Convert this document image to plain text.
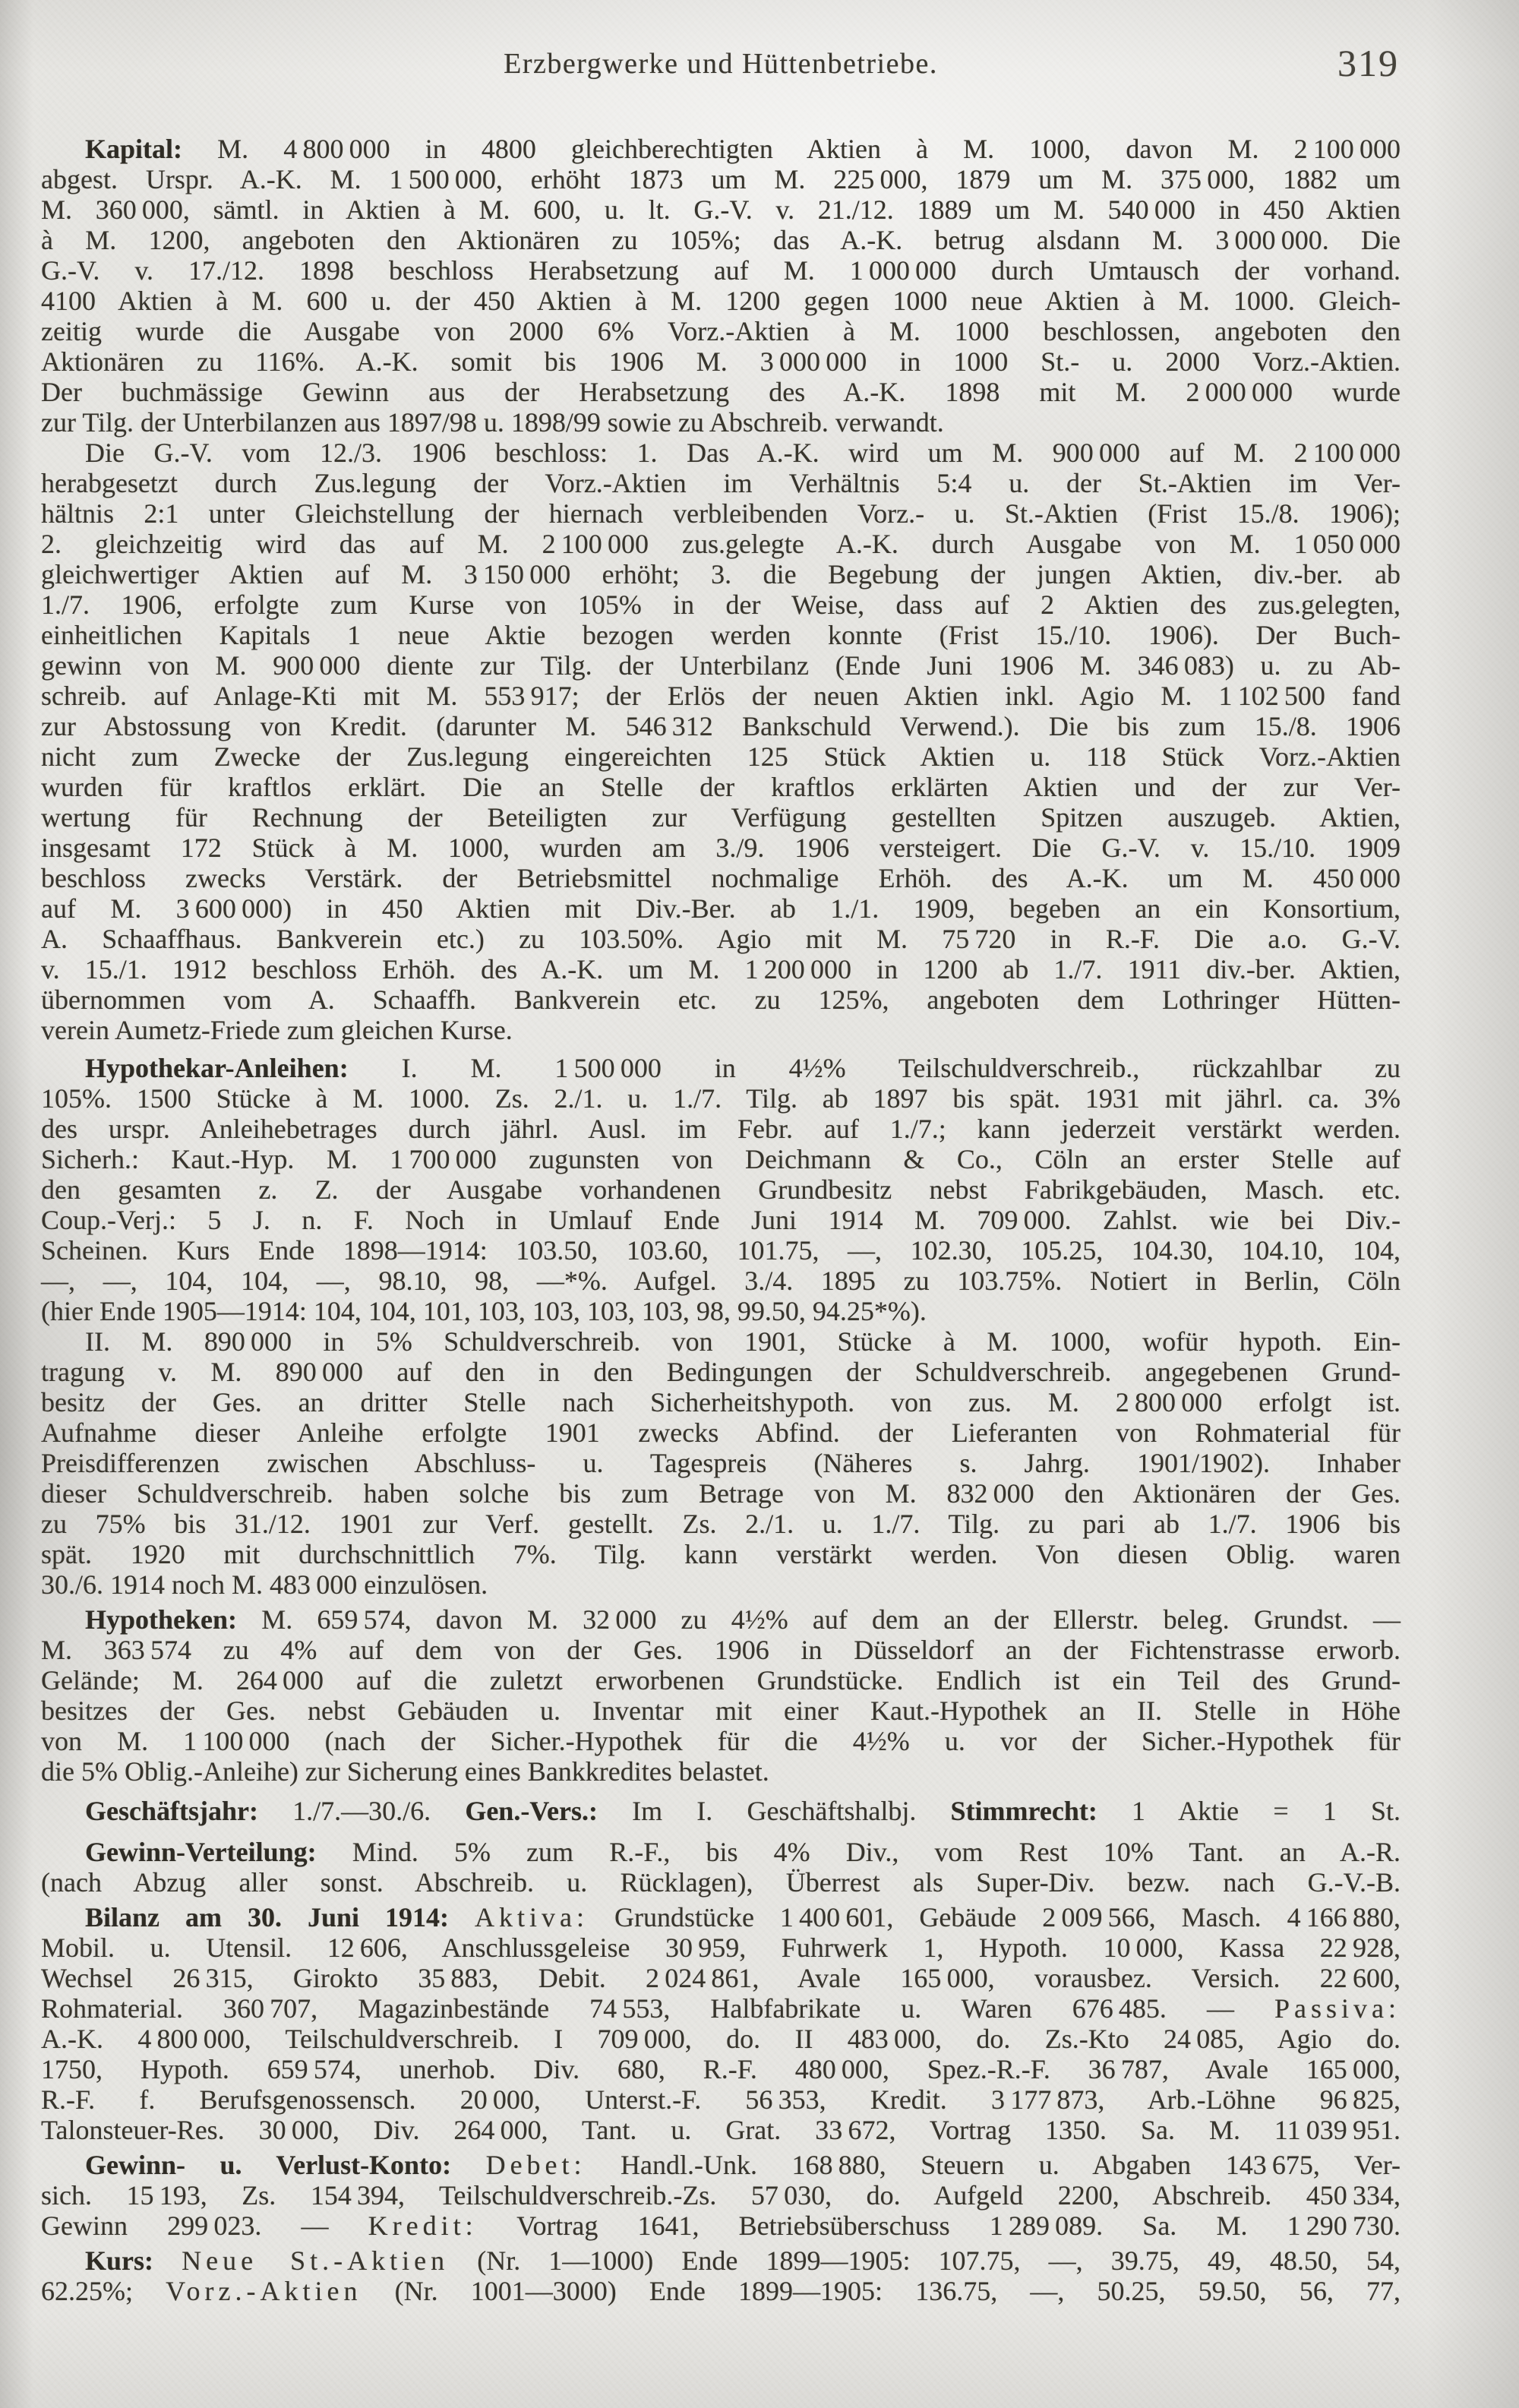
Erzbergwerke und Hüttenbetriebe.	319
Kapital: M. 4 800 000 in 4800 gleichberechtigten Aktien à M. 1000, davon M. 2 100 000
abgest. Urspr. A.-K. M. 1 500 000, erhöht 1873 um M. 225 000, 1879 um M. 375 000, 1882 um
M. 360 000, sämtl. in Aktien à M. 600, u. lt. G.-V. v. 21./12. 1889 um M. 540 000 in 450 Aktien
à M. 1200, angeboten den Aktionären zu 105%; das A.-K. betrug alsdann M. 3 000 000. Die
G.-V. v. 17./12. 1898 beschloss Herabsetzung auf M. 1 000 000 durch Umtausch der vorhand.
4100 Aktien à M. 600 u. der 450 Aktien à M. 1200 gegen 1000 neue Aktien à M. 1000. Gleich-
zeitig wurde die Ausgabe von 2000 6% Vorz.-Aktien à M. 1000 beschlossen, angeboten den
Aktionären zu 116%. A.-K. somit bis 1906 M. 3 000 000 in 1000 St.- u. 2000 Vorz.-Aktien.
Der buchmässige Gewinn aus der Herabsetzung des A.-K. 1898 mit M. 2 000 000 wurde
zur Tilg. der Unterbilanzen aus 1897/98 u. 1898/99 sowie zu Abschreib. verwandt.
Die G.-V. vom 12./3. 1906 beschloss: 1. Das A.-K. wird um M. 900 000 auf M. 2 100 000
herabgesetzt durch Zus.legung der Vorz.-Aktien im Verhältnis 5:4 u. der St.-Aktien im Ver-
hältnis 2:1 unter Gleichstellung der hiernach verbleibenden Vorz.- u. St.-Aktien (Frist 15./8. 1906);
2. gleichzeitig wird das auf M. 2 100 000 zus.gelegte A.-K. durch Ausgabe von M. 1 050 000
gleichwertiger Aktien auf M. 3 150 000 erhöht; 3. die Begebung der jungen Aktien, div.-ber. ab
1./7. 1906, erfolgte zum Kurse von 105% in der Weise, dass auf 2 Aktien des zus.gelegten,
einheitlichen Kapitals 1 neue Aktie bezogen werden konnte (Frist 15./10. 1906). Der Buch-
gewinn von M. 900 000 diente zur Tilg. der Unterbilanz (Ende Juni 1906 M. 346 083) u. zu Ab-
schreib. auf Anlage-Kti mit M. 553 917; der Erlös der neuen Aktien inkl. Agio M. 1 102 500 fand
zur Abstossung von Kredit. (darunter M. 546 312 Bankschuld Verwend.). Die bis zum 15./8. 1906
nicht zum Zwecke der Zus.legung eingereichten 125 Stück Aktien u. 118 Stück Vorz.-Aktien
wurden für kraftlos erklärt. Die an Stelle der kraftlos erklärten Aktien und der zur Ver-
wertung für Rechnung der Beteiligten zur Verfügung gestellten Spitzen auszugeb. Aktien,
insgesamt 172 Stück à M. 1000, wurden am 3./9. 1906 versteigert. Die G.-V. v. 15./10. 1909
beschloss zwecks Verstärk. der Betriebsmittel nochmalige Erhöh. des A.-K. um M. 450 000
auf M. 3 600 000) in 450 Aktien mit Div.-Ber. ab 1./1. 1909, begeben an ein Konsortium,
A. Schaaffhaus. Bankverein etc.) zu 103.50%. Agio mit M. 75 720 in R.-F. Die a.o. G.-V.
v. 15./1. 1912 beschloss Erhöh. des A.-K. um M. 1 200 000 in 1200 ab 1./7. 1911 div.-ber. Aktien,
übernommen vom A. Schaaffh. Bankverein etc. zu 125%, angeboten dem Lothringer Hütten-
verein Aumetz-Friede zum gleichen Kurse.
Hypothekar-Anleihen: I. M. 1 500 000 in 4½% Teilschuldverschreib., rückzahlbar zu
105%. 1500 Stücke à M. 1000. Zs. 2./1. u. 1./7. Tilg. ab 1897 bis spät. 1931 mit jährl. ca. 3%
des urspr. Anleihebetrages durch jährl. Ausl. im Febr. auf 1./7.; kann jederzeit verstärkt werden.
Sicherh.: Kaut.-Hyp. M. 1 700 000 zugunsten von Deichmann & Co., Cöln an erster Stelle auf
den gesamten z. Z. der Ausgabe vorhandenen Grundbesitz nebst Fabrikgebäuden, Masch. etc.
Coup.-Verj.: 5 J. n. F. Noch in Umlauf Ende Juni 1914 M. 709 000. Zahlst. wie bei Div.-
Scheinen. Kurs Ende 1898—1914: 103.50, 103.60, 101.75, —, 102.30, 105.25, 104.30, 104.10, 104,
—, —, 104, 104, —, 98.10, 98, —*%. Aufgel. 3./4. 1895 zu 103.75%. Notiert in Berlin, Cöln
(hier Ende 1905—1914: 104, 104, 101, 103, 103, 103, 103, 98, 99.50, 94.25*%).
II. M. 890 000 in 5% Schuldverschreib. von 1901, Stücke à M. 1000, wofür hypoth. Ein-
tragung v. M. 890 000 auf den in den Bedingungen der Schuldverschreib. angegebenen Grund-
besitz der Ges. an dritter Stelle nach Sicherheitshypoth. von zus. M. 2 800 000 erfolgt ist.
Aufnahme dieser Anleihe erfolgte 1901 zwecks Abfind. der Lieferanten von Rohmaterial für
Preisdifferenzen zwischen Abschluss- u. Tagespreis (Näheres s. Jahrg. 1901/1902). Inhaber
dieser Schuldverschreib. haben solche bis zum Betrage von M. 832 000 den Aktionären der Ges.
zu 75% bis 31./12. 1901 zur Verf. gestellt. Zs. 2./1. u. 1./7. Tilg. zu pari ab 1./7. 1906 bis
spät. 1920 mit durchschnittlich 7%. Tilg. kann verstärkt werden. Von diesen Oblig. waren
30./6. 1914 noch M. 483 000 einzulösen.
Hypotheken: M. 659 574, davon M. 32 000 zu 4½% auf dem an der Ellerstr. beleg. Grundst. —
M. 363 574 zu 4% auf dem von der Ges. 1906 in Düsseldorf an der Fichtenstrasse erworb.
Gelände; M. 264 000 auf die zuletzt erworbenen Grundstücke. Endlich ist ein Teil des Grund-
besitzes der Ges. nebst Gebäuden u. Inventar mit einer Kaut.-Hypothek an II. Stelle in Höhe
von M. 1 100 000 (nach der Sicher.-Hypothek für die 4½% u. vor der Sicher.-Hypothek für
die 5% Oblig.-Anleihe) zur Sicherung eines Bankkredites belastet.
Geschäftsjahr: 1./7.—30./6. Gen.-Vers.: Im I. Geschäftshalbj. Stimmrecht: 1 Aktie = 1 St.
Gewinn-Verteilung: Mind. 5% zum R.-F., bis 4% Div., vom Rest 10% Tant. an A.-R.
(nach Abzug aller sonst. Abschreib. u. Rücklagen), Überrest als Super-Div. bezw. nach G.-V.-B.
Bilanz am 30. Juni 1914: Aktiva: Grundstücke 1 400 601, Gebäude 2 009 566, Masch. 4 166 880,
Mobil. u. Utensil. 12 606, Anschlussgeleise 30 959, Fuhrwerk 1, Hypoth. 10 000, Kassa 22 928,
Wechsel 26 315, Girokto 35 883, Debit. 2 024 861, Avale 165 000, vorausbez. Versich. 22 600,
Rohmaterial. 360 707, Magazinbestände 74 553, Halbfabrikate u. Waren 676 485. — Passiva:
A.-K. 4 800 000, Teilschuldverschreib. I 709 000, do. II 483 000, do. Zs.-Kto 24 085, Agio do.
1750, Hypoth. 659 574, unerhob. Div. 680, R.-F. 480 000, Spez.-R.-F. 36 787, Avale 165 000,
R.-F. f. Berufsgenossensch. 20 000, Unterst.-F. 56 353, Kredit. 3 177 873, Arb.-Löhne 96 825,
Talonsteuer-Res. 30 000, Div. 264 000, Tant. u. Grat. 33 672, Vortrag 1350. Sa. M. 11 039 951.
Gewinn- u. Verlust-Konto: Debet: Handl.-Unk. 168 880, Steuern u. Abgaben 143 675, Ver-
sich. 15 193, Zs. 154 394, Teilschuldverschreib.-Zs. 57 030, do. Aufgeld 2200, Abschreib. 450 334,
Gewinn 299 023. — Kredit: Vortrag 1641, Betriebsüberschuss 1 289 089. Sa. M. 1 290 730.
Kurs: Neue St.-Aktien (Nr. 1—1000) Ende 1899—1905: 107.75, —, 39.75, 49, 48.50, 54,
62.25%; Vorz.-Aktien (Nr. 1001—3000) Ende 1899—1905: 136.75, —, 50.25, 59.50, 56, 77,
